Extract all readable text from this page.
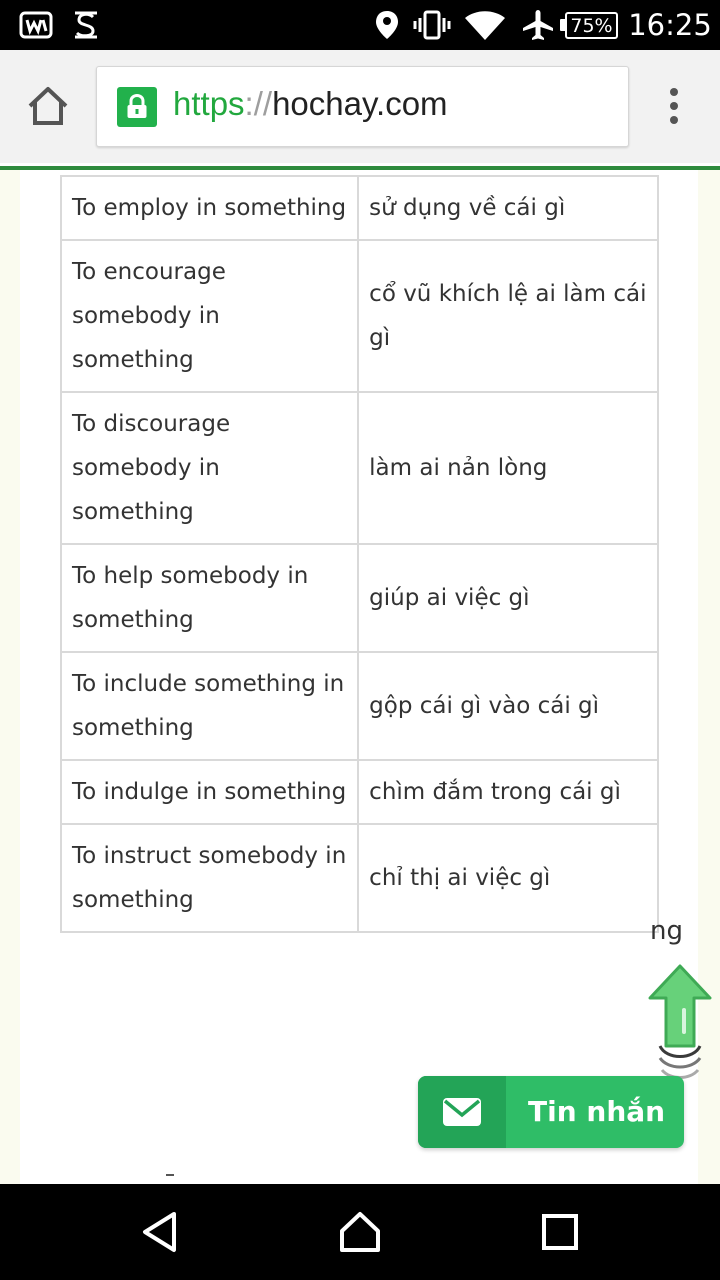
75% 16:25
https://hochay.com
To employ in something	sử dụng về cái gì
To encourage somebody in something	cổ vũ khích lệ ai làm cái gì
To discourage somebody in something	làm ai nản lòng
To help somebody in something	giúp ai việc gì
To include something in something	gộp cái gì vào cái gì
To indulge in something	chìm đắm trong cái gì
To instruct somebody in something	chỉ thị ai việc gì
ng
Tin nhắn
